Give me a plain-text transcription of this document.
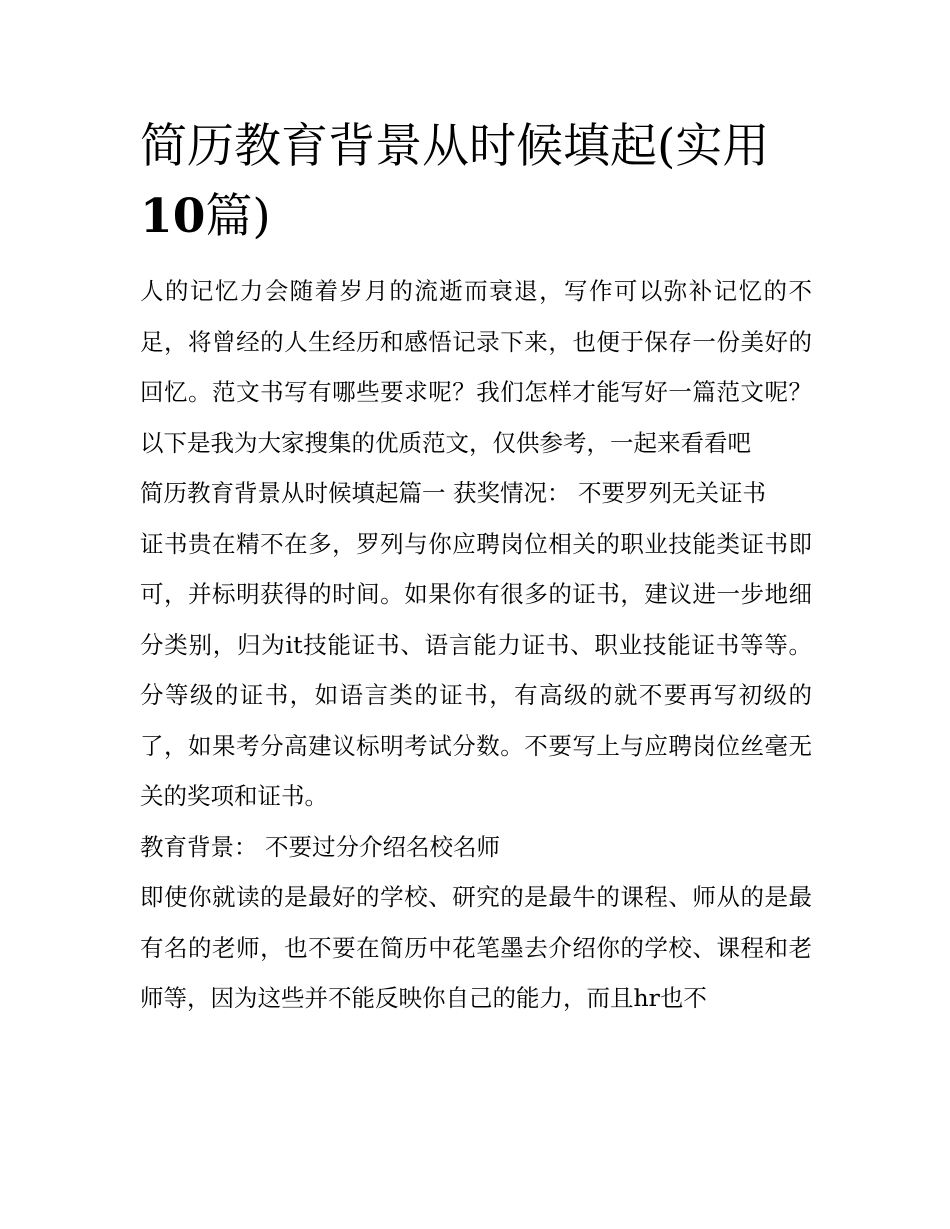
简历教育背景从时候填起(实用10篇)

人的记忆力会随着岁月的流逝而衰退，写作可以弥补记忆的不足，将曾经的人生经历和感悟记录下来，也便于保存一份美好的回忆。范文书写有哪些要求呢？我们怎样才能写好一篇范文呢？以下是我为大家搜集的优质范文，仅供参考，一起来看看吧

简历教育背景从时候填起篇一 获奖情况： 不要罗列无关证书

证书贵在精不在多，罗列与你应聘岗位相关的职业技能类证书即可，并标明获得的时间。如果你有很多的证书，建议进一步地细分类别，归为it技能证书、语言能力证书、职业技能证书等等。分等级的证书，如语言类的证书，有高级的就不要再写初级的了，如果考分高建议标明考试分数。不要写上与应聘岗位丝毫无关的奖项和证书。

教育背景： 不要过分介绍名校名师

即使你就读的是最好的学校、研究的是最牛的课程、师从的是最有名的老师，也不要在简历中花笔墨去介绍你的学校、课程和老师等，因为这些并不能反映你自己的能力，而且hr也不
